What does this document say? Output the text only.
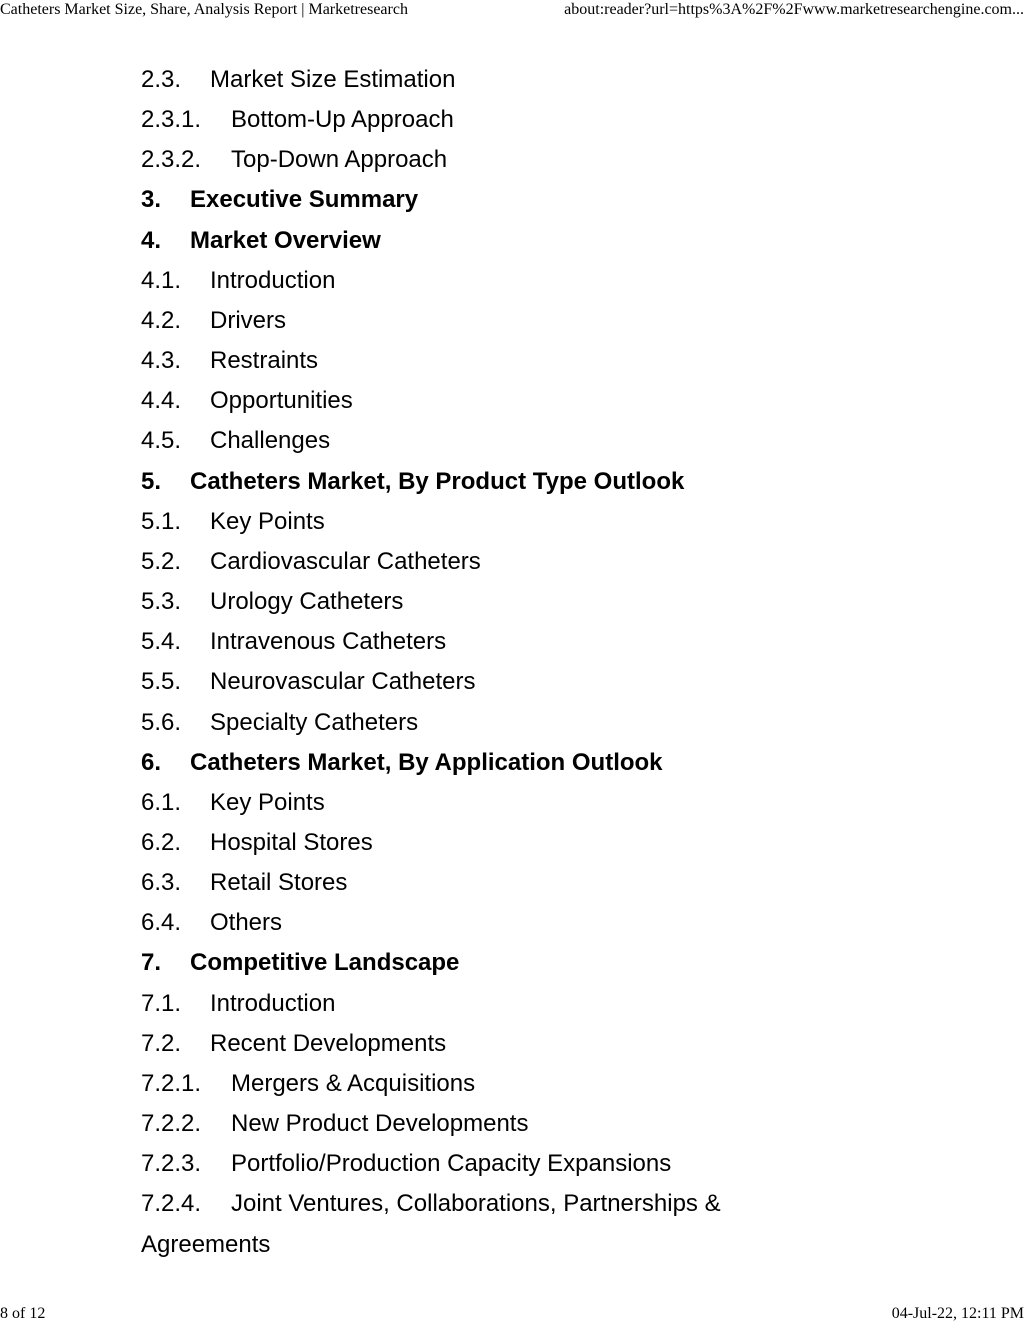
Catheters Market Size, Share, Analysis Report | Marketresearch	about:reader?url=https%3A%2F%2Fwww.marketresearchengine.com...
2.3. Market Size Estimation
2.3.1. Bottom-Up Approach
2.3.2. Top-Down Approach
3. Executive Summary
4. Market Overview
4.1. Introduction
4.2. Drivers
4.3. Restraints
4.4. Opportunities
4.5. Challenges
5. Catheters Market, By Product Type Outlook
5.1. Key Points
5.2. Cardiovascular Catheters
5.3. Urology Catheters
5.4. Intravenous Catheters
5.5. Neurovascular Catheters
5.6. Specialty Catheters
6. Catheters Market, By Application Outlook
6.1. Key Points
6.2. Hospital Stores
6.3. Retail Stores
6.4. Others
7. Competitive Landscape
7.1. Introduction
7.2. Recent Developments
7.2.1. Mergers & Acquisitions
7.2.2. New Product Developments
7.2.3. Portfolio/Production Capacity Expansions
7.2.4. Joint Ventures, Collaborations, Partnerships & Agreements
8 of 12	04-Jul-22, 12:11 PM
